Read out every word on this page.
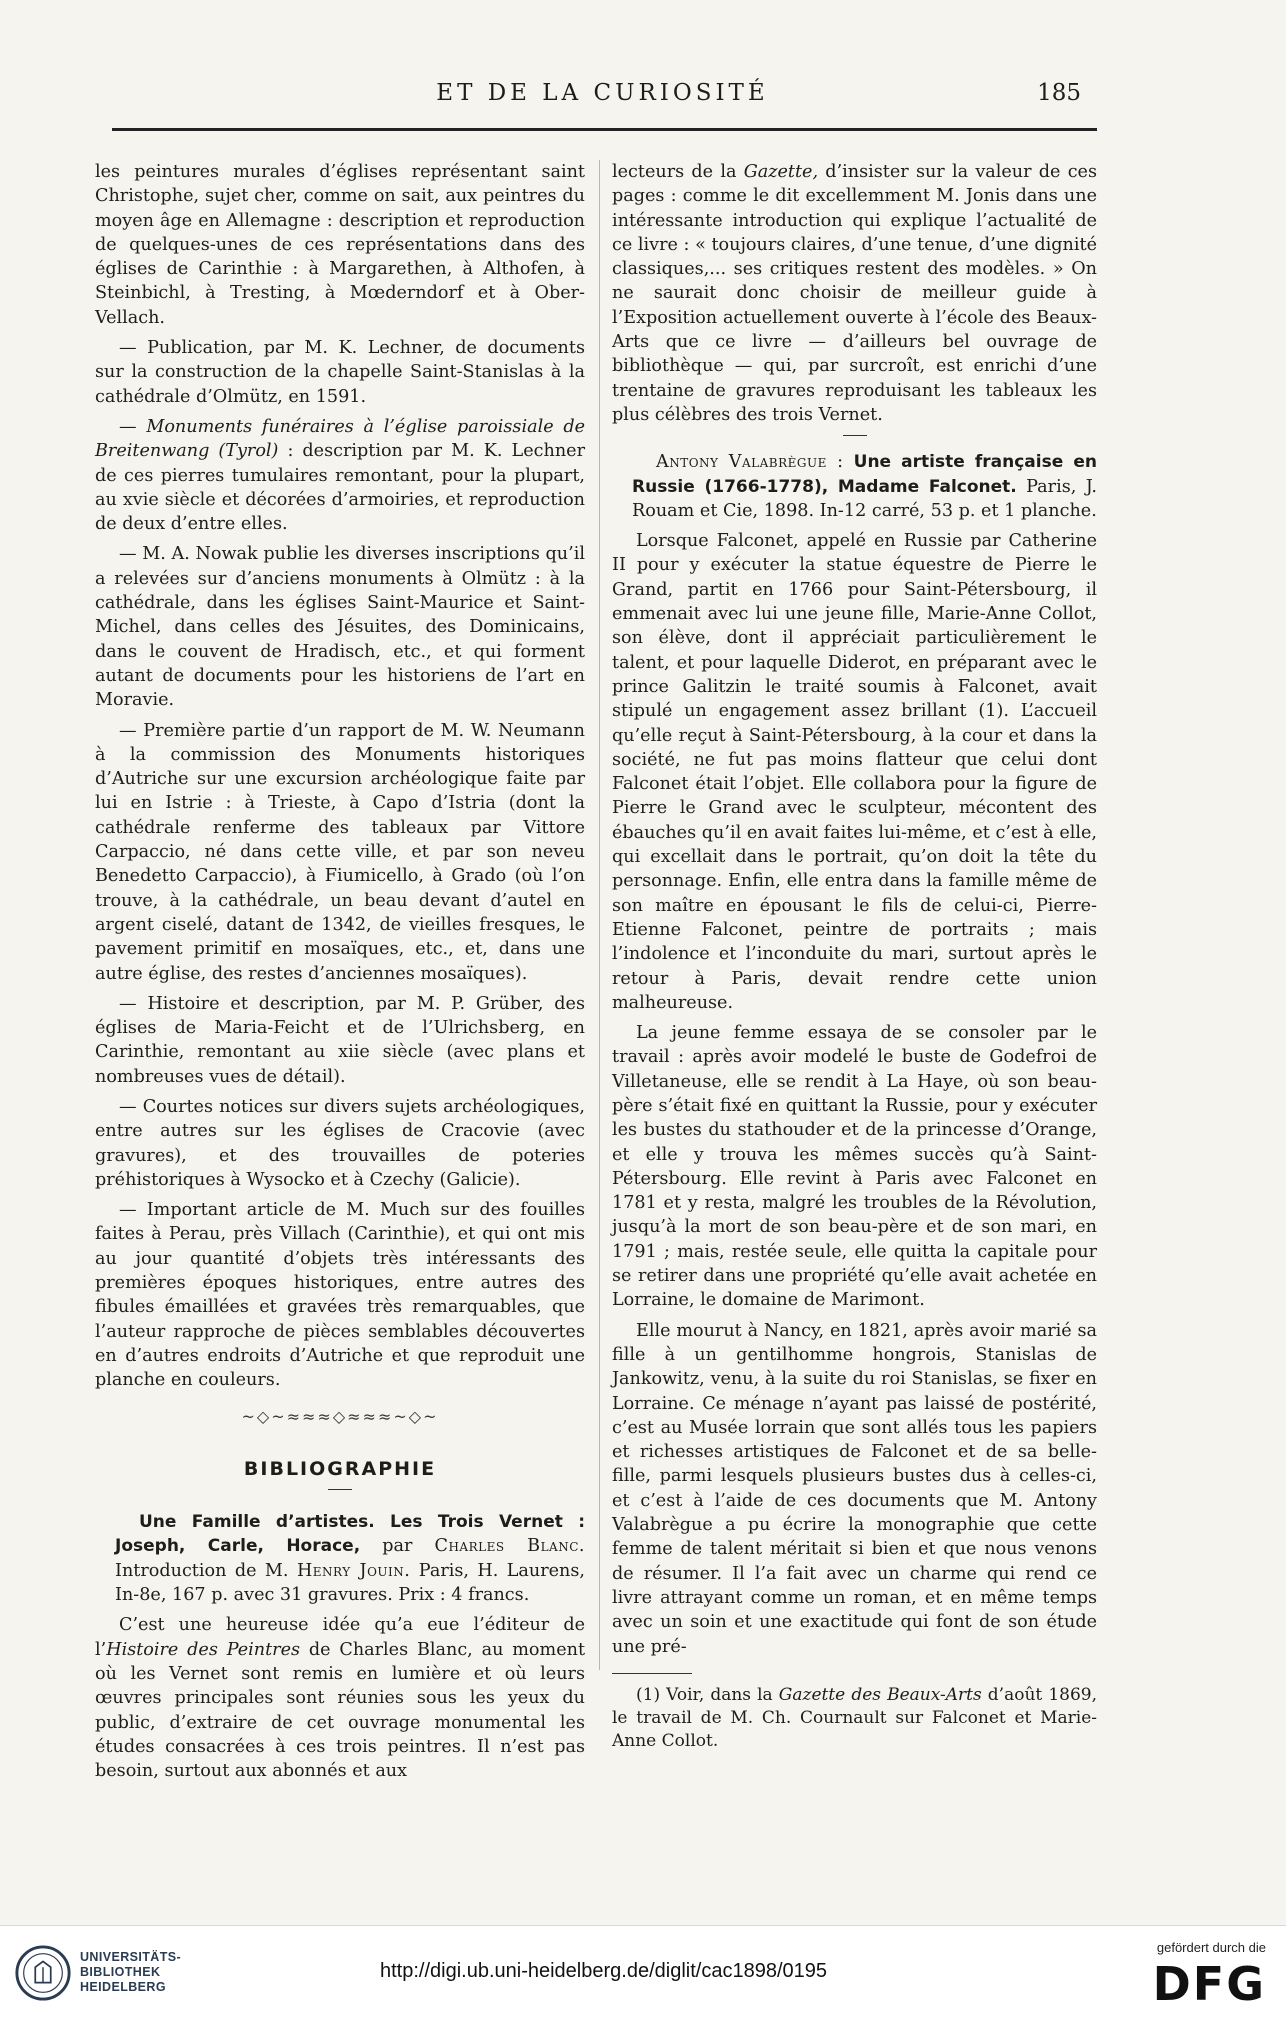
ET DE LA CURIOSITÉ	185

les peintures murales d’églises représentant saint Christophe, sujet cher, comme on sait, aux peintres du moyen âge en Allemagne : description et reproduction de quelques-unes de ces représentations dans des églises de Carinthie : à Margarethen, à Althofen, à Steinbichl, à Tresting, à Mœderndorf et à Ober-Vellach.

— Publication, par M. K. Lechner, de documents sur la construction de la chapelle Saint-Stanislas à la cathédrale d’Olmütz, en 1591.

— Monuments funéraires à l’église paroissiale de Breitenwang (Tyrol) : description par M. K. Lechner de ces pierres tumulaires remontant, pour la plupart, au xvie siècle et décorées d’armoiries, et reproduction de deux d’entre elles.

— M. A. Nowak publie les diverses inscriptions qu’il a relevées sur d’anciens monuments à Olmütz : à la cathédrale, dans les églises Saint-Maurice et Saint-Michel, dans celles des Jésuites, des Dominicains, dans le couvent de Hradisch, etc., et qui forment autant de documents pour les historiens de l’art en Moravie.

— Première partie d’un rapport de M. W. Neumann à la commission des Monuments historiques d’Autriche sur une excursion archéologique faite par lui en Istrie : à Trieste, à Capo d’Istria (dont la cathédrale renferme des tableaux par Vittore Carpaccio, né dans cette ville, et par son neveu Benedetto Carpaccio), à Fiumicello, à Grado (où l’on trouve, à la cathédrale, un beau devant d’autel en argent ciselé, datant de 1342, de vieilles fresques, le pavement primitif en mosaïques, etc., et, dans une autre église, des restes d’anciennes mosaïques).

— Histoire et description, par M. P. Grüber, des églises de Maria-Feicht et de l’Ulrichsberg, en Carinthie, remontant au xiie siècle (avec plans et nombreuses vues de détail).

— Courtes notices sur divers sujets archéologiques, entre autres sur les églises de Cracovie (avec gravures), et des trouvailles de poteries préhistoriques à Wysocko et à Czechy (Galicie).

— Important article de M. Much sur des fouilles faites à Perau, près Villach (Carinthie), et qui ont mis au jour quantité d’objets très intéressants des premières époques historiques, entre autres des fibules émaillées et gravées très remarquables, que l’auteur rapproche de pièces semblables découvertes en d’autres endroits d’Autriche et que reproduit une planche en couleurs.

~◇~≈≈≈◇≈≈≈~◇~
BIBLIOGRAPHIE

Une Famille d’artistes. Les Trois Vernet : Joseph, Carle, Horace, par Charles Blanc. Introduction de M. Henry Jouin. Paris, H. Laurens, In-8e, 167 p. avec 31 gravures. Prix : 4 francs.

C’est une heureuse idée qu’a eue l’éditeur de l’Histoire des Peintres de Charles Blanc, au moment où les Vernet sont remis en lumière et où leurs œuvres principales sont réunies sous les yeux du public, d’extraire de cet ouvrage monumental les études consacrées à ces trois peintres. Il n’est pas besoin, surtout aux abonnés et aux

lecteurs de la Gazette, d’insister sur la valeur de ces pages : comme le dit excellemment M. Jonis dans une intéressante introduction qui explique l’actualité de ce livre : « toujours claires, d’une tenue, d’une dignité classiques,... ses critiques restent des modèles. » On ne saurait donc choisir de meilleur guide à l’Exposition actuellement ouverte à l’école des Beaux-Arts que ce livre — d’ailleurs bel ouvrage de bibliothèque — qui, par surcroît, est enrichi d’une trentaine de gravures reproduisant les tableaux les plus célèbres des trois Vernet.

Antony Valabrègue : Une artiste française en Russie (1766-1778), Madame Falconet. Paris, J. Rouam et Cie, 1898. In-12 carré, 53 p. et 1 planche.

Lorsque Falconet, appelé en Russie par Catherine II pour y exécuter la statue équestre de Pierre le Grand, partit en 1766 pour Saint-Pétersbourg, il emmenait avec lui une jeune fille, Marie-Anne Collot, son élève, dont il appréciait particulièrement le talent, et pour laquelle Diderot, en préparant avec le prince Galitzin le traité soumis à Falconet, avait stipulé un engagement assez brillant (1). L’accueil qu’elle reçut à Saint-Pétersbourg, à la cour et dans la société, ne fut pas moins flatteur que celui dont Falconet était l’objet. Elle collabora pour la figure de Pierre le Grand avec le sculpteur, mécontent des ébauches qu’il en avait faites lui-même, et c’est à elle, qui excellait dans le portrait, qu’on doit la tête du personnage. Enfin, elle entra dans la famille même de son maître en épousant le fils de celui-ci, Pierre-Etienne Falconet, peintre de portraits ; mais l’indolence et l’inconduite du mari, surtout après le retour à Paris, devait rendre cette union malheureuse.

La jeune femme essaya de se consoler par le travail : après avoir modelé le buste de Godefroi de Villetaneuse, elle se rendit à La Haye, où son beau-père s’était fixé en quittant la Russie, pour y exécuter les bustes du stathouder et de la princesse d’Orange, et elle y trouva les mêmes succès qu’à Saint-Pétersbourg. Elle revint à Paris avec Falconet en 1781 et y resta, malgré les troubles de la Révolution, jusqu’à la mort de son beau-père et de son mari, en 1791 ; mais, restée seule, elle quitta la capitale pour se retirer dans une propriété qu’elle avait achetée en Lorraine, le domaine de Marimont.

Elle mourut à Nancy, en 1821, après avoir marié sa fille à un gentilhomme hongrois, Stanislas de Jankowitz, venu, à la suite du roi Stanislas, se fixer en Lorraine. Ce ménage n’ayant pas laissé de postérité, c’est au Musée lorrain que sont allés tous les papiers et richesses artistiques de Falconet et de sa belle-fille, parmi lesquels plusieurs bustes dus à celles-ci, et c’est à l’aide de ces documents que M. Antony Valabrègue a pu écrire la monographie que cette femme de talent méritait si bien et que nous venons de résumer. Il l’a fait avec un charme qui rend ce livre attrayant comme un roman, et en même temps avec un soin et une exactitude qui font de son étude une pré-

(1) Voir, dans la Gazette des Beaux-Arts d’août 1869, le travail de M. Ch. Cournault sur Falconet et Marie-Anne Collot.

UNIVERSITÄTS-
BIBLIOTHEK
HEIDELBERG
http://digi.ub.uni-heidelberg.de/diglit/cac1898/0195
gefördert durch die
DFG
